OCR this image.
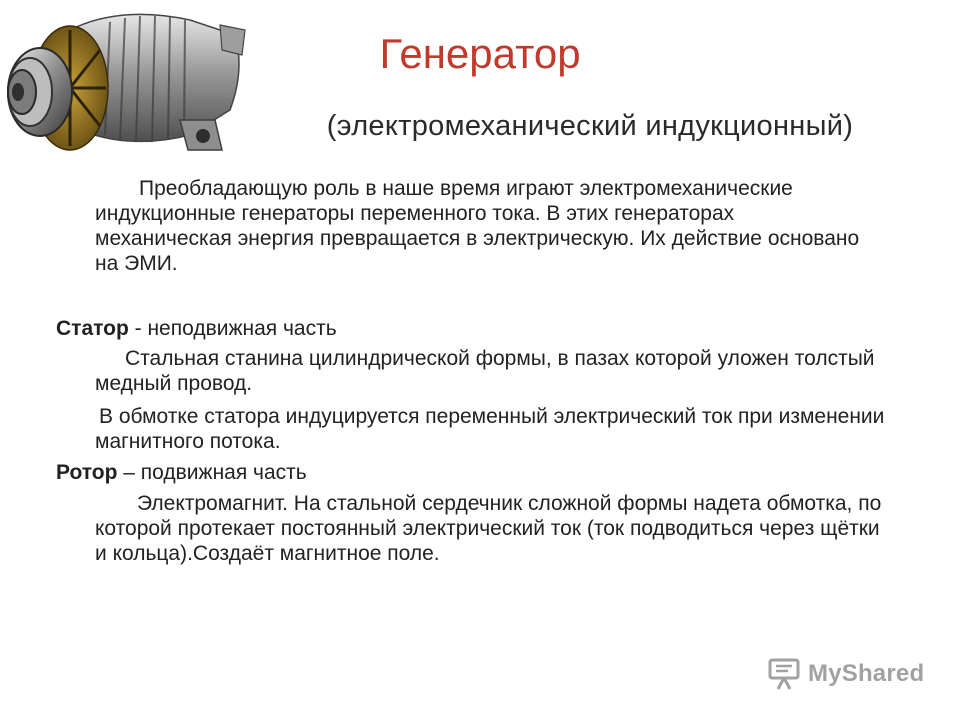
Генератор
(электромеханический индукционный)
Преобладающую роль в наше время играют электромеханические индукционные генераторы переменного тока. В этих генераторах механическая энергия превращается в электрическую. Их действие основано на ЭМИ.
Статор - неподвижная часть
Стальная станина цилиндрической формы, в пазах которой уложен толстый медный провод.
В обмотке статора индуцируется переменный электрический ток при изменении магнитного потока.
Ротор – подвижная часть
Электромагнит. На стальной сердечник сложной формы надета обмотка, по которой протекает постоянный электрический ток (ток подводиться через щётки и кольца).Создаёт магнитное поле.
MyShared
